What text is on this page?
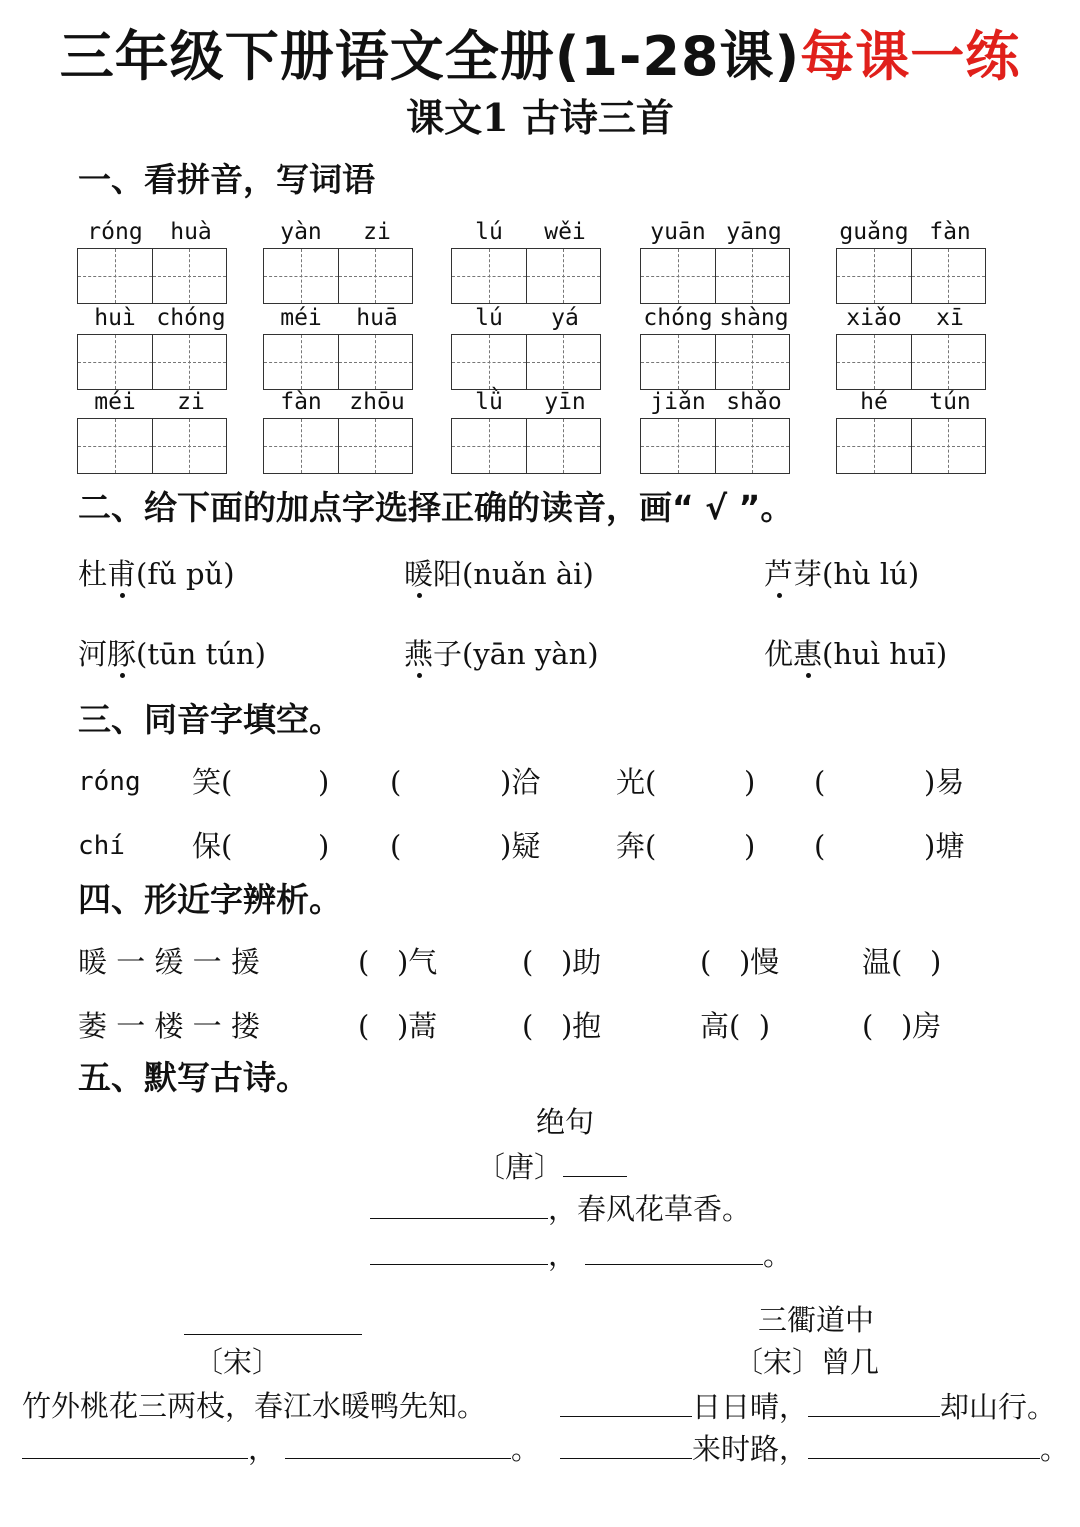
三年级下册语文全册(1-28课)每课一练
课文1 古诗三首
一、看拼音，写词语
róng huà	yàn zi	lú wěi	yuān yāng	guǎng fàn
huì chóng	méi huā	lú yá	chóng shàng	xiǎo xī
méi zi	fàn zhōu	lǜ yīn	jiǎn shǎo	hé tún
二、给下面的加点字选择正确的读音，画“ √ ”。
杜甫(fǔ pǔ)	暖阳(nuǎn ài)	芦芽(hù lú)
河豚(tūn tún)	燕子(yān yàn)	优惠(huì huī)
三、同音字填空。
róng 笑(	) (	)洽	光(	) (	)易
chí 保(	) (	)疑	奔(	) (	)塘
四、形近字辨析。
暖 一 缓 一 援	(   )气	(   )助	(   )慢	温(   )
萎 一 楼 一 搂	(   )蒿	(   )抱	高(  )	(   )房
五、默写古诗。
绝句
〔唐〕
，春风花草香。
，	。
〔宋〕
竹外桃花三两枝，春江水暖鸭先知。
，	。
三衢道中
〔宋〕曾几
日日晴，	却山行。
来时路，	。
